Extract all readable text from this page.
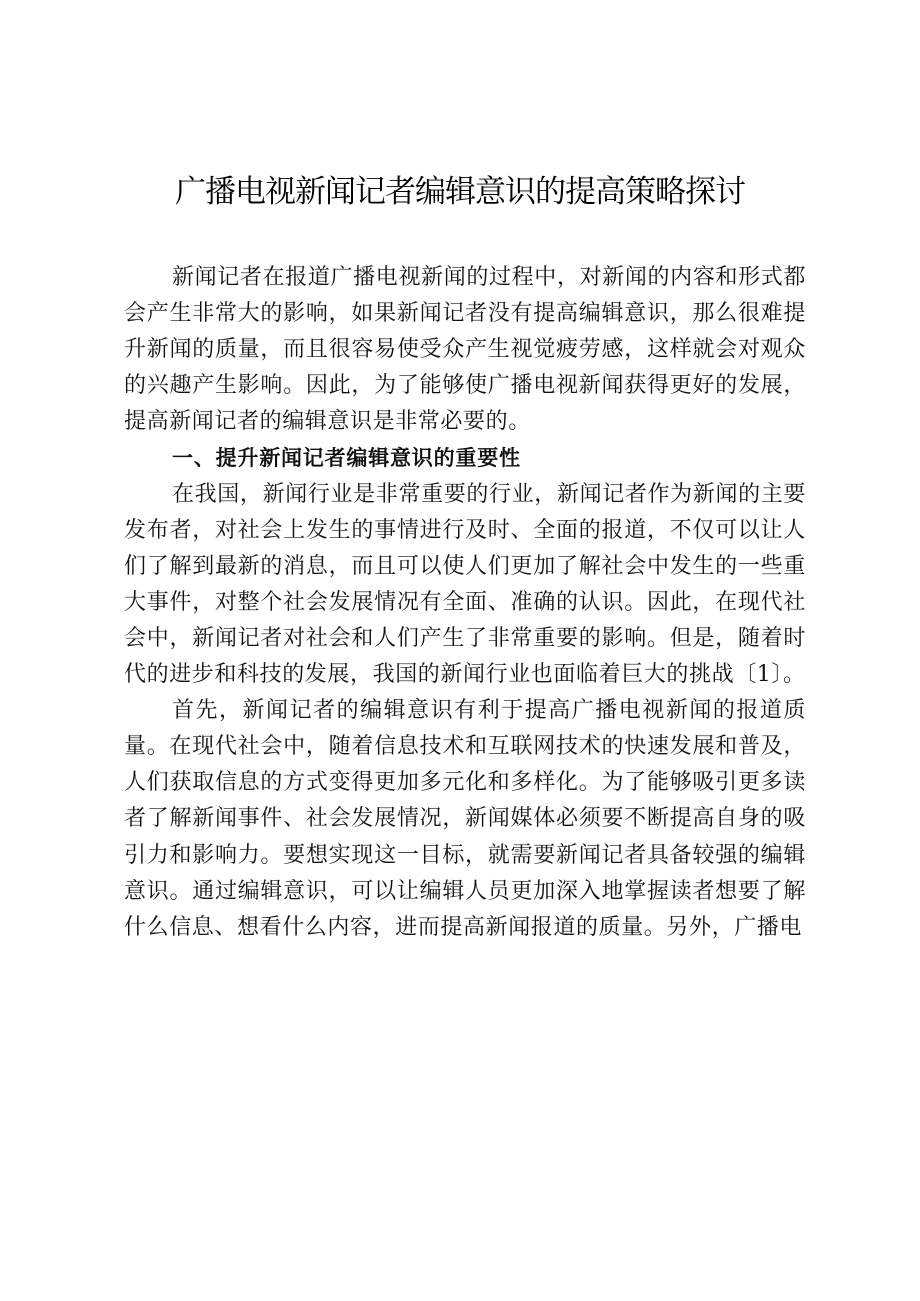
广播电视新闻记者编辑意识的提高策略探讨

新闻记者在报道广播电视新闻的过程中，对新闻的内容和形式都会产生非常大的影响，如果新闻记者没有提高编辑意识，那么很难提升新闻的质量，而且很容易使受众产生视觉疲劳感，这样就会对观众的兴趣产生影响。因此，为了能够使广播电视新闻获得更好的发展，提高新闻记者的编辑意识是非常必要的。

一、提升新闻记者编辑意识的重要性

在我国，新闻行业是非常重要的行业，新闻记者作为新闻的主要发布者，对社会上发生的事情进行及时、全面的报道，不仅可以让人们了解到最新的消息，而且可以使人们更加了解社会中发生的一些重大事件，对整个社会发展情况有全面、准确的认识。因此，在现代社会中，新闻记者对社会和人们产生了非常重要的影响。但是，随着时代的进步和科技的发展，我国的新闻行业也面临着巨大的挑战〔1〕。

首先，新闻记者的编辑意识有利于提高广播电视新闻的报道质量。在现代社会中，随着信息技术和互联网技术的快速发展和普及，人们获取信息的方式变得更加多元化和多样化。为了能够吸引更多读者了解新闻事件、社会发展情况，新闻媒体必须要不断提高自身的吸引力和影响力。要想实现这一目标，就需要新闻记者具备较强的编辑意识。通过编辑意识，可以让编辑人员更加深入地掌握读者想要了解什么信息、想看什么内容，进而提高新闻报道的质量。另外，广播电
